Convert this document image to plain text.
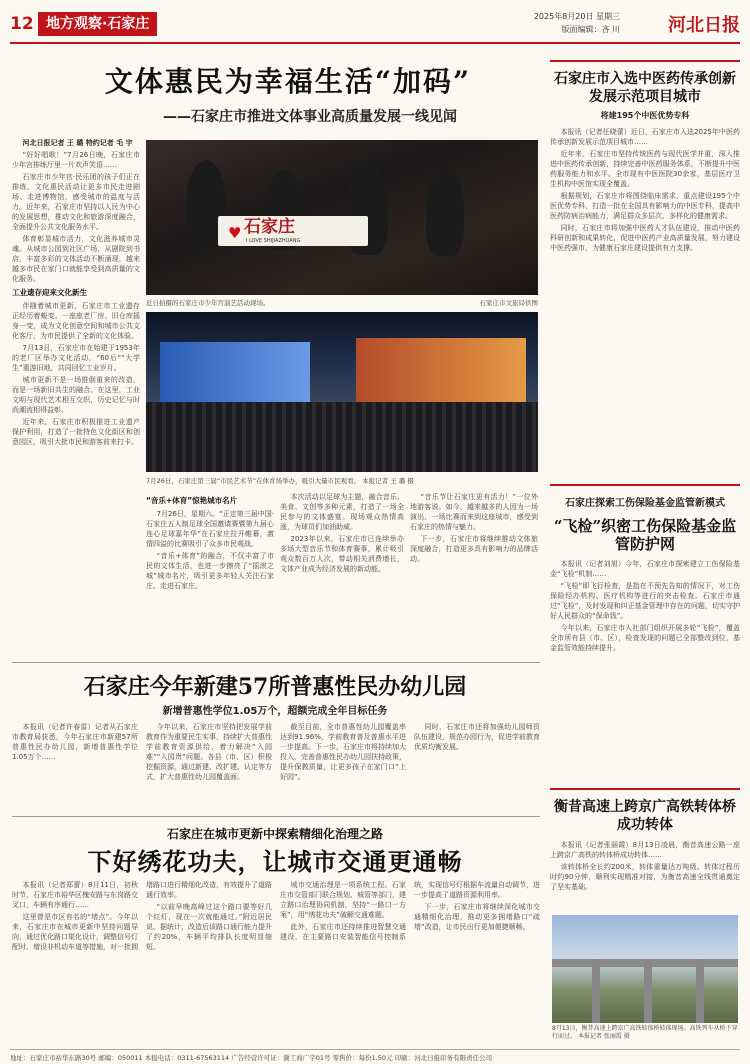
12 地方观察·石家庄	2025年8月20日 星期三
版面编辑：吝 川	河北日报
文体惠民为幸福生活“加码”
——石家庄市推进文体事业高质量发展一线见闻

河北日报记者 王 璐 特约记者 毛 宇

“好好唱歌！”7月26日晚，石家庄市少年宫排练厅里一片欢声笑语……

石家庄市少年宫·民乐团的孩子们正在排练，文化惠民活动让更多市民走进剧场、走进博物馆，感受城市的温度与活力。近年来，石家庄市坚持以人民为中心的发展思想，推动文化和旅游深度融合，全面提升公共文化服务水平。

体育彰显城市活力，文化滋养城市灵魂。从城市公园到社区广场，从剧院到书店，丰富多彩的文体活动不断涌现，越来越多市民在家门口就能享受到高质量的文化服务。

工业遗存迎来文化新生

伴随着城市更新，石家庄市工业遗存正经历着蜕变。一座座老厂房、旧仓库摇身一变，成为文化创意空间和城市公共文化客厅，为市民提供了全新的文化体验。

7月13日，石家庄市在始建于1953年的老厂区举办文化活动，“60后”“大学生”重游旧地，共同回忆工业岁月。

城市更新不是一场推倒重来的改造，而是一场新旧共生的融合。在这里，工业文明与现代艺术相互交织，历史记忆与时尚潮流相得益彰。

近年来，石家庄市积极推进工业遗产保护利用，打造了一批特色文化街区和创意园区，吸引大批市民和游客前来打卡。

♥ 石家庄
I LOVE SHIJIAZHUANG
近日拍摄的石家庄市少年宫演艺活动现场。	石家庄市文旅局供图
7月26日，石家庄第三届“市民艺术节”在体育场举办，吸引大量市民观看。 本报记者 王 璐 摄

“音乐+体育”惊艳城市名片

7月26日，星期六。“正定第三届中国·石家庄五人制足球全国邀请赛暨第九届心连心足球嘉年华”在石家庄拉开帷幕，激情四溢的比赛吸引了众多市民观战。

“音乐+体育”的融合，不仅丰富了市民的文体生活，也进一步擦亮了“摇滚之城”城市名片，吸引更多年轻人关注石家庄、走进石家庄。

本次活动以足球为主题，融合音乐、美食、文创等多种元素，打造了一场全民参与的文体盛宴。现场观众热情高涨，为球员们加油助威。

2023年以来，石家庄市已连续举办多场大型音乐节和体育赛事，累计吸引观众数百万人次，带动相关消费增长，文体产业成为经济发展的新动能。

“音乐节让石家庄更有活力！”一位外地游客说。如今，越来越多的人因为一场演出、一场比赛而来到这座城市，感受到石家庄的热情与魅力。

下一步，石家庄市将继续推动文体旅深度融合，打造更多具有影响力的品牌活动。

石家庄市入选中医药传承创新发展示范项目城市
将建195个中医优势专科

本报讯（记者任晓蕾）近日，石家庄市入选2025年中医药传承创新发展示范项目城市……

近年来，石家庄市坚持传统医药与现代医学并重，深入推进中医药传承创新，持续完善中医药服务体系，不断提升中医药服务能力和水平。全市现有中医医院30余家，基层医疗卫生机构中医馆实现全覆盖。

根据规划，石家庄市将围绕临床需求，重点建设195个中医优势专科，打造一批在全国具有影响力的中医专科，提高中医药防病治病能力，满足群众多层次、多样化的健康需求。

同时，石家庄市将加强中医药人才队伍建设，推动中医药科研创新和成果转化，促进中医药产业高质量发展，努力建设中医药强市，为健康石家庄建设提供有力支撑。

石家庄探索工伤保险基金监管新模式
“飞检”织密工伤保险基金监管防护网

本报讯（记者刘旭）今年，石家庄市探索建立工伤保险基金“飞检”机制……

“飞检”即飞行检查，是指在不预先告知的情况下，对工伤保险经办机构、医疗机构等进行的突击检查。石家庄市通过“飞检”，及时发现和纠正基金管理中存在的问题，切实守护好人民群众的“保命钱”。

今年以来，石家庄市人社部门组织开展多轮“飞检”，覆盖全市所有县（市、区），检查发现的问题已全部整改到位，基金监管效能持续提升。

衡昔高速上跨京广高铁转体桥成功转体

本报讯（记者张丽霞）8月13日凌晨，衡昔高速公路一座上跨京广高铁的转体桥成功转体……

该转体桥全长约200米，转体重量达万吨级。转体过程历时约90分钟，顺利实现精准对接，为衡昔高速全线贯通奠定了坚实基础。

8月13日，衡昔高速上跨京广高铁转体桥转体现场。高铁列车从桥下穿行而过。 本报记者 张丽霞 摄
石家庄今年新建57所普惠性民办幼儿园
新增普惠性学位1.05万个，超额完成全年目标任务

本报讯（记者许春雷）记者从石家庄市教育局获悉，今年石家庄市新建57所普惠性民办幼儿园，新增普惠性学位1.05万个……

今年以来，石家庄市坚持把发展学前教育作为重要民生实事，持续扩大普惠性学前教育资源供给，着力解决“入园难”“入园贵”问题。各县（市、区）积极挖掘资源，通过新建、改扩建、认定等方式，扩大普惠性幼儿园覆盖面。

截至目前，全市普惠性幼儿园覆盖率达到91.96%，学前教育普及普惠水平进一步提高。下一步，石家庄市将持续加大投入，完善普惠性民办幼儿园扶持政策，提升保教质量，让更多孩子在家门口“上好园”。

同时，石家庄市还将加强幼儿园师资队伍建设，规范办园行为，促进学前教育优质均衡发展。

石家庄在城市更新中探索精细化治理之路
下好绣花功夫，让城市交通更通畅

本报讯（记者郑蕾）8月11日，初秋时节，石家庄市裕华区槐安路与东岗路交叉口，车辆有序通行……

这里曾是市区有名的“堵点”。今年以来，石家庄市在城市更新中坚持问题导向，通过优化路口渠化设计、调整信号灯配时、增设非机动车道等措施，对一批拥堵路口进行精细化改造，有效提升了道路通行效率。

“以前早晚高峰过这个路口要等好几个红灯，现在一次就能通过。”附近居民说。据统计，改造后该路口通行能力提升了约20%，车辆平均排队长度明显缩短。

城市交通治理是一项系统工程。石家庄市交管部门联合规划、城管等部门，建立路口治理协同机制，坚持“一路口一方案”，用“绣花功夫”破解交通难题。

此外，石家庄市还持续推进智慧交通建设，在主要路口安装智能信号控制系统，实现信号灯根据车流量自动调节，进一步提高了道路资源利用率。

下一步，石家庄市将继续深化城市交通精细化治理，推动更多拥堵路口“疏堵”改造，让市民出行更加便捷顺畅。

地址：石家庄市裕华东路30号 邮编：050011 本报电话：0311-67563114 广告经营许可证：冀工商广字01号 零售价：每份1.50元 印刷：河北日报印务有限责任公司
